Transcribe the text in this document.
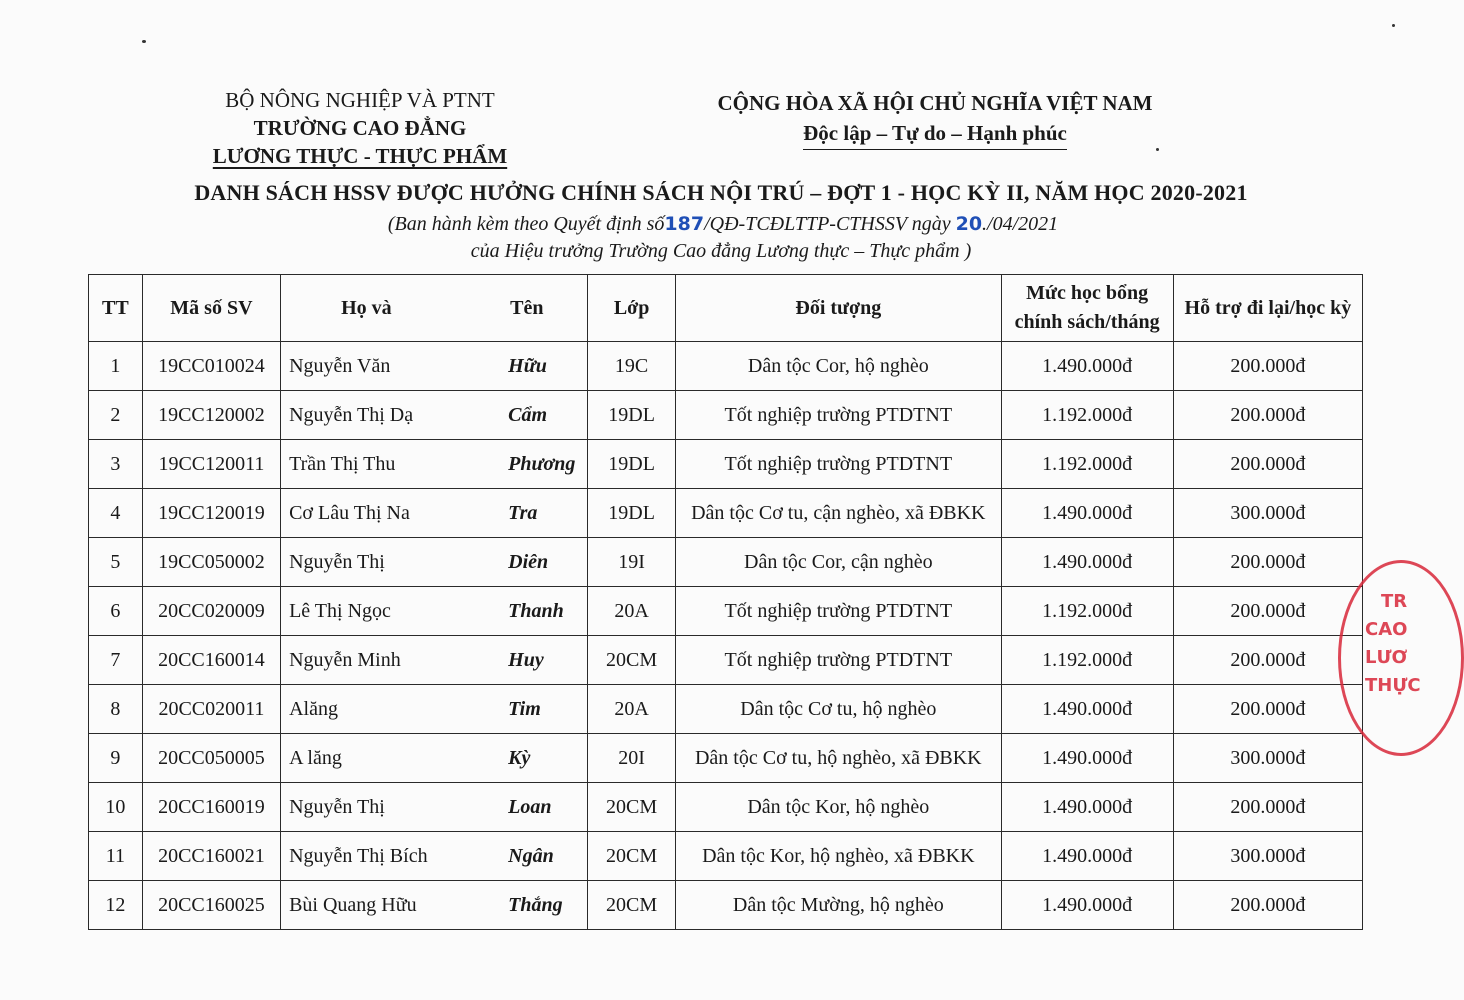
BỘ NÔNG NGHIỆP VÀ PTNT
TRƯỜNG CAO ĐẲNG
LƯƠNG THỰC - THỰC PHẨM
CỘNG HÒA XÃ HỘI CHỦ NGHĨA VIỆT NAM
Độc lập – Tự do – Hạnh phúc
DANH SÁCH HSSV ĐƯỢC HƯỞNG CHÍNH SÁCH NỘI TRÚ – ĐỢT 1 - HỌC KỲ II, NĂM HỌC 2020-2021
(Ban hành kèm theo Quyết định số187/QĐ-TCĐLTTP-CTHSSV ngày 20./04/2021
của Hiệu trưởng Trường Cao đẳng Lương thực – Thực phẩm )
TT	Mã số SV	Họ và	Tên	Lớp	Đối tượng	Mức học bổng
chính sách/tháng	Hỗ trợ đi lại/học kỳ
1	19CC010024	Nguyễn Văn	Hữu	19C	Dân tộc Cor, hộ nghèo	1.490.000đ	200.000đ
2	19CC120002	Nguyễn Thị Dạ	Cẩm	19DL	Tốt nghiệp trường PTDTNT	1.192.000đ	200.000đ
3	19CC120011	Trần Thị Thu	Phương	19DL	Tốt nghiệp trường PTDTNT	1.192.000đ	200.000đ
4	19CC120019	Cơ Lâu Thị Na	Tra	19DL	Dân tộc Cơ tu, cận nghèo, xã ĐBKK	1.490.000đ	300.000đ
5	19CC050002	Nguyễn Thị	Diên	19I	Dân tộc Cor, cận nghèo	1.490.000đ	200.000đ
6	20CC020009	Lê Thị Ngọc	Thanh	20A	Tốt nghiệp trường PTDTNT	1.192.000đ	200.000đ
7	20CC160014	Nguyễn Minh	Huy	20CM	Tốt nghiệp trường PTDTNT	1.192.000đ	200.000đ
8	20CC020011	Alăng	Tim	20A	Dân tộc Cơ tu, hộ nghèo	1.490.000đ	200.000đ
9	20CC050005	A lăng	Kỳ	20I	Dân tộc Cơ tu, hộ nghèo, xã ĐBKK	1.490.000đ	300.000đ
10	20CC160019	Nguyễn Thị	Loan	20CM	Dân tộc Kor, hộ nghèo	1.490.000đ	200.000đ
11	20CC160021	Nguyễn Thị Bích	Ngân	20CM	Dân tộc Kor, hộ nghèo, xã ĐBKK	1.490.000đ	300.000đ
12	20CC160025	Bùi Quang Hữu	Thắng	20CM	Dân tộc Mường, hộ nghèo	1.490.000đ	200.000đ
TR
CAO
LƯƠ
THỰC
